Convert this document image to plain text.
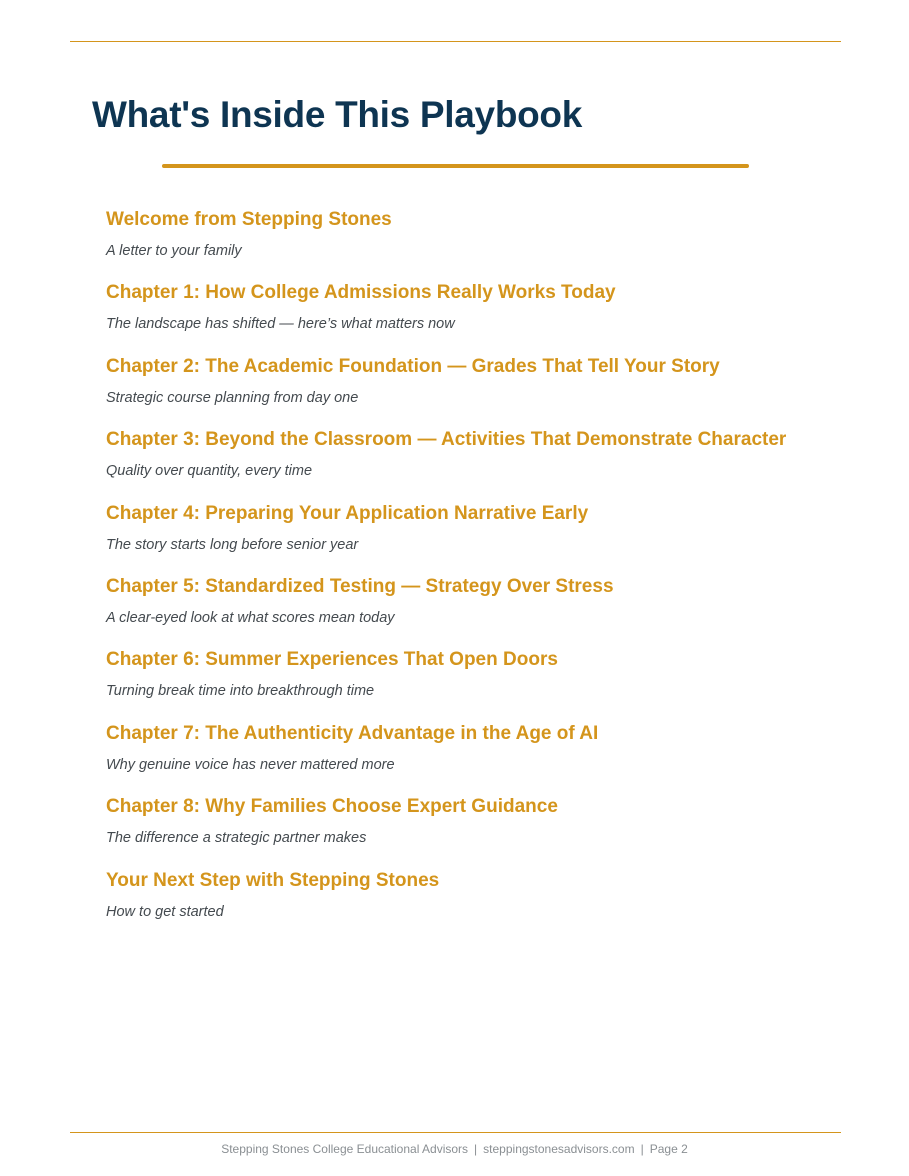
What's Inside This Playbook
Welcome from Stepping Stones
A letter to your family
Chapter 1: How College Admissions Really Works Today
The landscape has shifted — here’s what matters now
Chapter 2: The Academic Foundation — Grades That Tell Your Story
Strategic course planning from day one
Chapter 3: Beyond the Classroom — Activities That Demonstrate Character
Quality over quantity, every time
Chapter 4: Preparing Your Application Narrative Early
The story starts long before senior year
Chapter 5: Standardized Testing — Strategy Over Stress
A clear-eyed look at what scores mean today
Chapter 6: Summer Experiences That Open Doors
Turning break time into breakthrough time
Chapter 7: The Authenticity Advantage in the Age of AI
Why genuine voice has never mattered more
Chapter 8: Why Families Choose Expert Guidance
The difference a strategic partner makes
Your Next Step with Stepping Stones
How to get started
Stepping Stones College Educational Advisors | steppingstonesadvisors.com | Page 2
